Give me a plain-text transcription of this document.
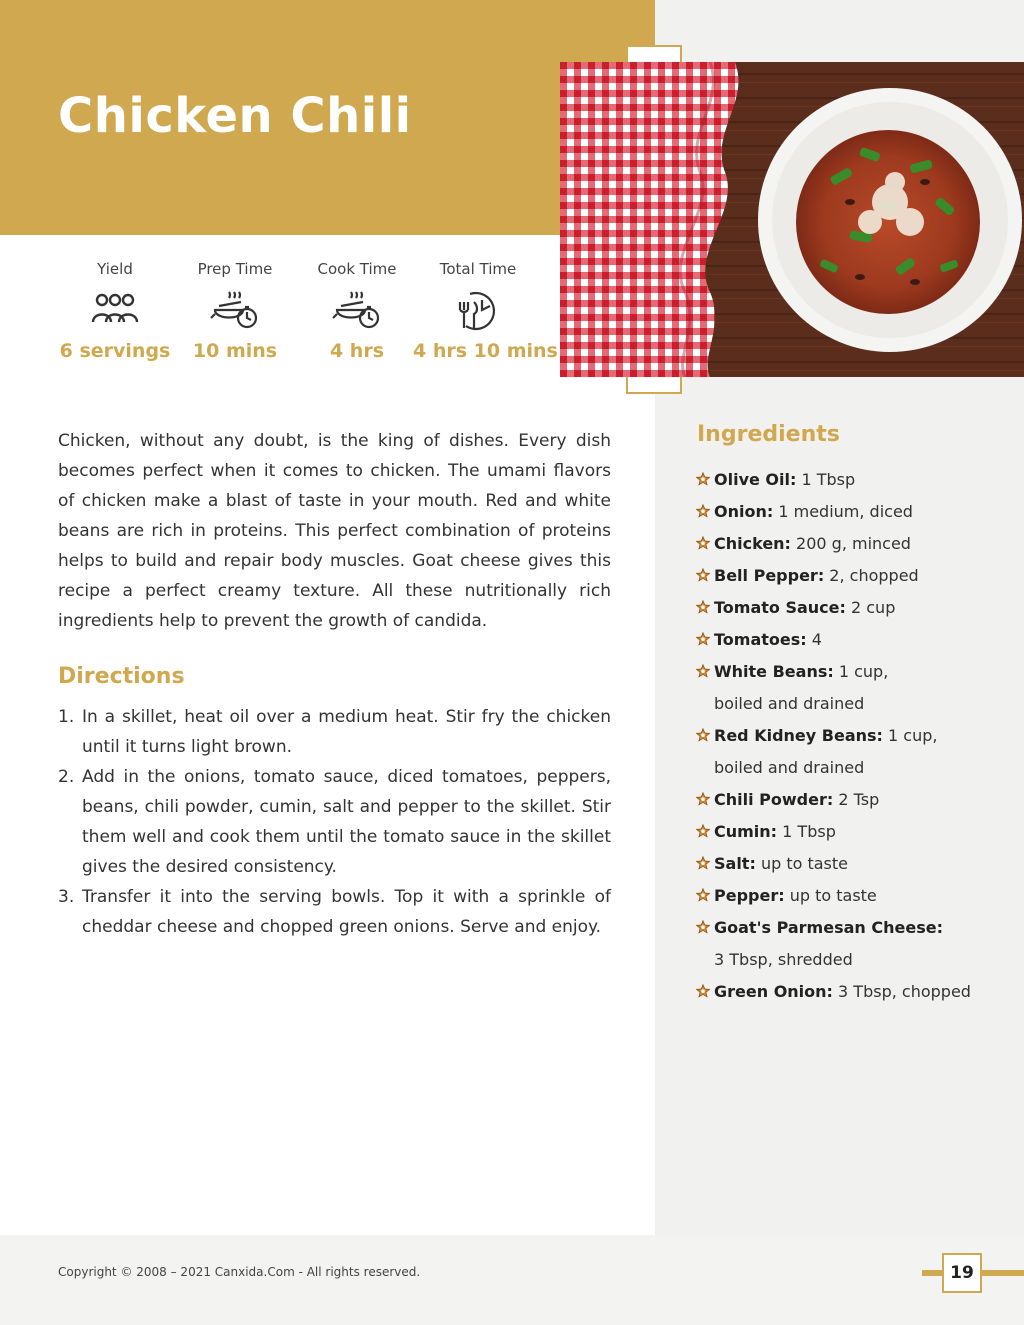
Chicken Chili
Yield
6 servings
Prep Time
10 mins
Cook Time
4 hrs
Total Time
4 hrs 10 mins

Chicken, without any doubt, is the king of dishes. Every dish becomes perfect when it comes to chicken. The umami flavors of chicken make a blast of taste in your mouth. Red and white beans are rich in proteins. This perfect combination of proteins helps to build and repair body muscles. Goat cheese gives this recipe a perfect creamy texture. All these nutritionally rich ingredients help to prevent the growth of candida.

Directions
1. In a skillet, heat oil over a medium heat. Stir fry the chicken until it turns light brown.
2. Add in the onions, tomato sauce, diced tomatoes, peppers, beans, chili powder, cumin, salt and pepper to the skillet. Stir them well and cook them until the tomato sauce in the skillet gives the desired consistency.
3. Transfer it into the serving bowls. Top it with a sprinkle of cheddar cheese and chopped green onions. Serve and enjoy.
Ingredients
Olive Oil: 1 Tbsp
Onion: 1 medium, diced
Chicken: 200 g, minced
Bell Pepper: 2, chopped
Tomato Sauce: 2 cup
Tomatoes: 4
White Beans: 1 cup,
boiled and drained
Red Kidney Beans: 1 cup,
boiled and drained
Chili Powder: 2 Tsp
Cumin: 1 Tbsp
Salt: up to taste
Pepper: up to taste
Goat's Parmesan Cheese:
3 Tbsp, shredded
Green Onion: 3 Tbsp, chopped
Copyright © 2008 – 2021 Canxida.Com - All rights reserved.	19
